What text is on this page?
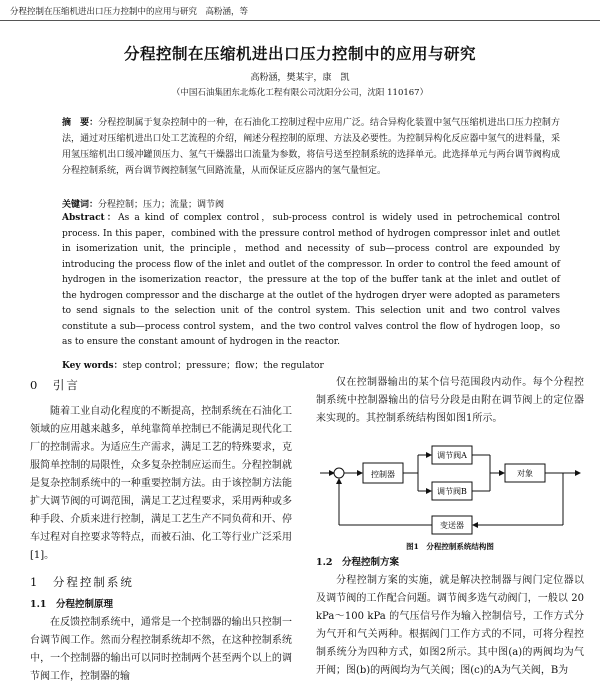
分程控制在压缩机进出口压力控制中的应用与研究　高粉涵，等
分程控制在压缩机进出口压力控制中的应用与研究
高粉涵，樊某宇，康　凯
（中国石油集团东北炼化工程有限公司沈阳分公司，沈阳 110167）
摘　要：分程控制属于复杂控制中的一种，在石油化工控制过程中应用广泛。结合异构化装置中氢气压缩机进出口压力控制方法，通过对压缩机进出口处工艺流程的介绍，阐述分程控制的原理、方法及必要性。为控制异构化反应器中氢气的进料量，采用氢压缩机出口缓冲罐顶压力、氢气干燥器出口流量为参数，将信号送至控制系统的选择单元。此选择单元与两台调节阀构成分程控制系统，两台调节阀控制氢气回路流量，从而保证反应器内的氢气量恒定。
关键词：分程控制；压力；流量；调节阀
Abstract：As a kind of complex control，sub-process control is widely used in petrochemical control process. In this paper，combined with the pressure control method of hydrogen compressor inlet and outlet in isomerization unit, the principle，method and necessity of sub—process control are expounded by introducing the process flow of the inlet and outlet of the compressor. In order to control the feed amount of hydrogen in the isomerization reactor，the pressure at the top of the buffer tank at the inlet and outlet of the hydrogen compressor and the discharge at the outlet of the hydrogen dryer were adopted as parameters to send signals to the selection unit of the control system. This selection unit and two control valves constitute a sub—process control system，and the two control valves control the flow of hydrogen loop，so as to ensure the constant amount of hydrogen in the reactor.
Key words：step control；pressure；flow；the regulator
0　引言

随着工业自动化程度的不断提高，控制系统在石油化工领域的应用越来越多，单纯靠简单控制已不能满足现代化工厂的控制需求。为适应生产需求，满足工艺的特殊要求，克服简单控制的局限性，众多复杂控制应运而生。分程控制就是复杂控制系统中的一种重要控制方法。由于该控制方法能扩大调节阀的可调范围，满足工艺过程要求，采用两种或多种手段、介质来进行控制，满足工艺生产不同负荷和开、停车过程对自控要求等特点，而被石油、化工等行业广泛采用[1]。

1　分程控制系统
1.1　分程控制原理

在反馈控制系统中，通常是一个控制器的输出只控制一台调节阀工作。然而分程控制系统却不然，在这种控制系统中，一个控制器的输出可以同时控制两个甚至两个以上的调节阀工作，控制器的输

仅在控制器输出的某个信号范围段内动作。每个分程控制系统中控制器输出的信号分段是由附在调节阀上的定位器来实现的。其控制系统结构图如图1所示。

控制器
调节阀A
调节阀B
对象
变送器
图1　分程控制系统结构图
1.2　分程控制方案

分程控制方案的实施，就是解决控制器与阀门定位器以及调节阀的工作配合问题。调节阀多选气动阀门，一般以 20 kPa～100 kPa 的气压信号作为输入控制信号，工作方式分为气开和气关两种。根据阀门工作方式的不同，可将分程控制系统分为四种方式，如图2所示。其中图(a)的两阀均为气开阀；图(b)的两阀均为气关阀；图(c)的A为气关阀，B为
